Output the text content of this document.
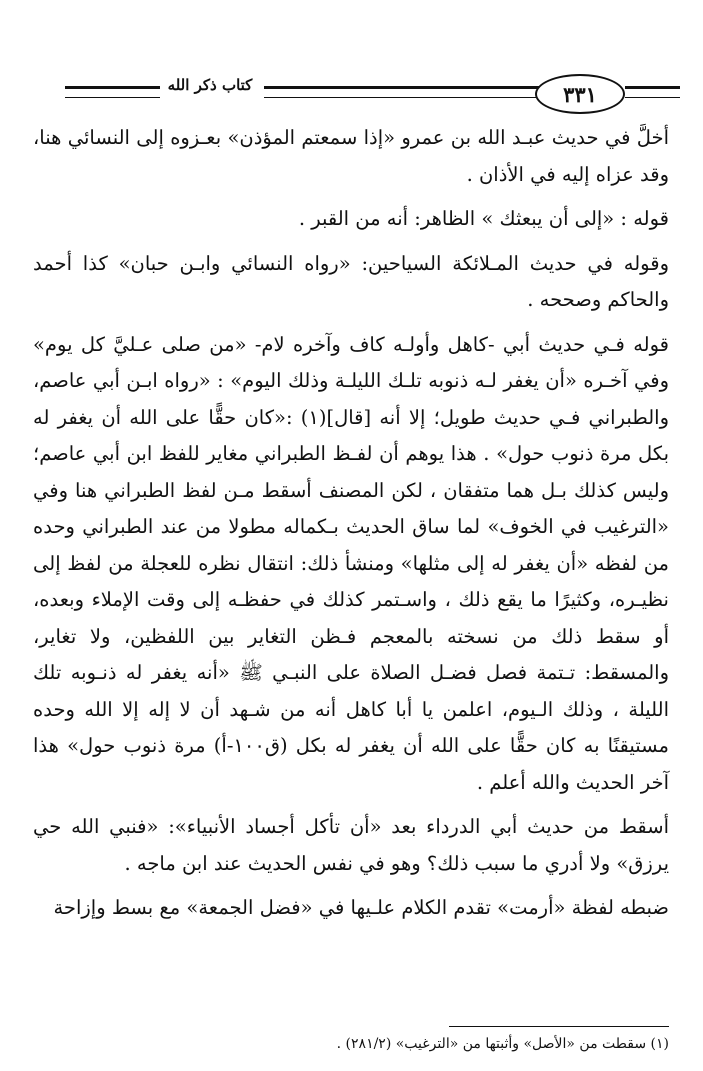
٣٣١
كتاب ذكر الله

أخلَّ في حديث عبـد الله بن عمرو «إذا سمعتم المؤذن» بعـزوه إلى النسائي هنا، وقد عزاه إليه في الأذان .

قوله : «إلى أن يبعثك » الظاهر: أنه من القبر .

وقوله في حديث المـلائكة السياحين: «رواه النسائي وابـن حبان» كذا أحمد والحاكم وصححه .

قوله فـي حديث أبي -كاهل وأولـه كاف وآخره لام- «من صلى عـليَّ كل يوم» وفي آخـره «أن يغفر لـه ذنوبه تلـك الليلـة وذلك اليوم» : «رواه ابـن أبي عاصم، والطبراني فـي حديث طويل؛ إلا أنه [قال](١) :«كان حقًّا على الله أن يغفر له بكل مرة ذنوب حول» . هذا يوهم أن لفـظ الطبراني مغاير للفظ ابن أبي عاصم؛ وليس كذلك بـل هما متفقان ، لكن المصنف أسقط مـن لفظ الطبراني هنا وفي «الترغيب في الخوف» لما ساق الحديث بـكماله مطولا من عند الطبراني وحده من لفظه «أن يغفر له إلى مثلها» ومنشأ ذلك: انتقال نظره للعجلة من لفظ إلى نظيـره، وكثيرًا ما يقع ذلك ، واسـتمر كذلك في حفظـه إلى وقت الإملاء وبعده، أو سقط ذلك من نسخته بالمعجم فـظن التغاير بين اللفظين، ولا تغاير، والمسقط: تـتمة فصل فضـل الصلاة على النبـي ﷺ «أنه يغفر له ذنـوبه تلك الليلة ، وذلك الـيوم، اعلمن يا أبا كاهل أنه من شـهد أن لا إله إلا الله وحده مستيقنًا به كان حقًّا على الله أن يغفر له بكل (ق١٠٠-أ) مرة ذنوب حول» هذا آخر الحديث والله أعلم .

أسقط من حديث أبي الدرداء بعد «أن تأكل أجساد الأنبياء»: «فنبي الله حي يرزق» ولا أدري ما سبب ذلك؟ وهو في نفس الحديث عند ابن ماجه .

ضبطه لفظة «أرمت» تقدم الكلام علـيها في «فضل الجمعة» مع بسط وإزاحة

(١) سقطت من «الأصل» وأثبتها من «الترغيب» (٢٨١/٢) .
